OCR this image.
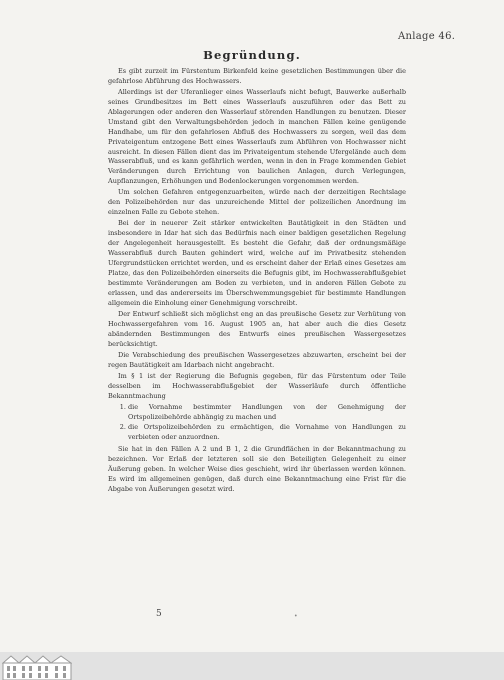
Anlage 46.
Begründung.

Es gibt zurzeit im Fürstentum Birkenfeld keine gesetzlichen Bestimmungen über die gefahrlose Abführung des Hochwassers.

Allerdings ist der Uferanlieger eines Wasserlaufs nicht befugt, Bauwerke außerhalb seines Grundbesitzes im Bett eines Wasserlaufs auszuführen oder das Bett zu Ablagerungen oder anderen den Wasserlauf störenden Handlungen zu benutzen. Dieser Umstand gibt den Verwaltungsbehörden jedoch in manchen Fällen keine genügende Handhabe, um für den gefahrlosen Abfluß des Hochwassers zu sorgen, weil das dem Privateigentum entzogene Bett eines Wasserlaufs zum Abführen von Hochwasser nicht ausreicht. In diesen Fällen dient das im Privateigentum stehende Ufergelände auch dem Wasserabfluß, und es kann gefährlich werden, wenn in den in Frage kommenden Gebiet Veränderungen durch Errichtung von baulichen Anlagen, durch Verlegungen, Aupflanzungen, Erhöhungen und Bodenlockerungen vorgenommen werden.

Um solchen Gefahren entgegenzuarbeiten, würde nach der derzeitigen Rechtslage den Polizeibehörden nur das unzureichende Mittel der polizeilichen Anordnung im einzelnen Falle zu Gebote stehen.

Bei der in neuerer Zeit stärker entwickelten Bautätigkeit in den Städten und insbesondere in Idar hat sich das Bedürfnis nach einer baldigen gesetzlichen Regelung der Angelegenheit herausgestellt. Es besteht die Gefahr, daß der ordnungsmäßige Wasserabfluß durch Bauten gehindert wird, welche auf im Privatbesitz stehenden Ufergrundstücken errichtet werden, und es erscheint daher der Erlaß eines Gesetzes am Platze, das den Polizeibehörden einerseits die Befugnis gibt, im Hochwasserabflußgebiet bestimmte Veränderungen am Boden zu verbieten, und in anderen Fällen Gebote zu erlassen, und das andererseits im Überschwemmungsgebiet für bestimmte Handlungen allgemein die Einholung einer Genehmigung vorschreibt.

Der Entwurf schließt sich möglichst eng an das preußische Gesetz zur Verhütung von Hochwassergefahren vom 16. August 1905 an, hat aber auch die dies Gesetz abändernden Bestimmungen des Entwurfs eines preußischen Wassergesetzes berücksichtigt.

Die Verabschiedung des preußischen Wassergesetzes abzuwarten, erscheint bei der regen Bautätigkeit am Idarbach nicht angebracht.

Im § 1 ist der Regierung die Befugnis gegeben, für das Fürstentum oder Teile desselben im Hochwasserabflußgebiet der Wasserläufe durch öffentliche Bekanntmachung

1. die Vornahme bestimmter Handlungen von der Genehmigung der Ortspolizeibehörde abhängig zu machen und
2. die Ortspolizeibehörden zu ermächtigen, die Vornahme von Handlungen zu verbieten oder anzuordnen.

Sie hat in den Fällen A 2 und B 1, 2 die Grundflächen in der Bekanntmachung zu bezeichnen. Vor Erlaß der letzteren soll sie den Beteiligten Gelegenheit zu einer Äußerung geben. In welcher Weise dies geschieht, wird ihr überlassen werden können. Es wird im allgemeinen genügen, daß durch eine Bekanntmachung eine Frist für die Abgabe von Äußerungen gesetzt wird.

5	•
